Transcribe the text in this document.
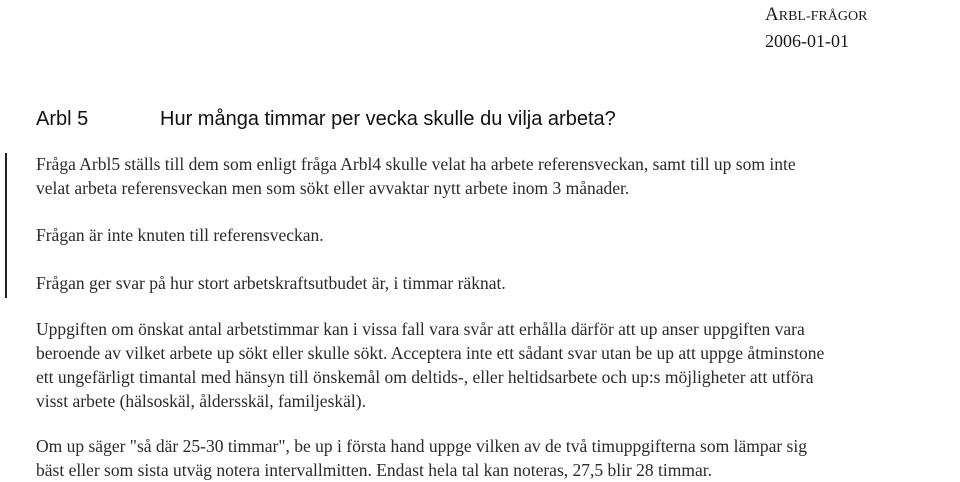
ARBL-FRÅGOR
2006-01-01
Arbl 5	Hur många timmar per vecka skulle du vilja arbeta?

Fråga Arbl5 ställs till dem som enligt fråga Arbl4 skulle velat ha arbete referensveckan, samt till up som inte
velat arbeta referensveckan men som sökt eller avvaktar nytt arbete inom 3 månader.

Frågan är inte knuten till referensveckan.

Frågan ger svar på hur stort arbetskraftsutbudet är, i timmar räknat.

Uppgiften om önskat antal arbetstimmar kan i vissa fall vara svår att erhålla därför att up anser uppgiften vara
beroende av vilket arbete up sökt eller skulle sökt. Acceptera inte ett sådant svar utan be up att uppge åtminstone
ett ungefärligt timantal med hänsyn till önskemål om deltids-, eller heltidsarbete och up:s möjligheter att utföra
visst arbete (hälsoskäl, åldersskäl, familjeskäl).

Om up säger "så där 25-30 timmar", be up i första hand uppge vilken av de två timuppgifterna som lämpar sig
bäst eller som sista utväg notera intervallmitten. Endast hela tal kan noteras, 27,5 blir 28 timmar.
